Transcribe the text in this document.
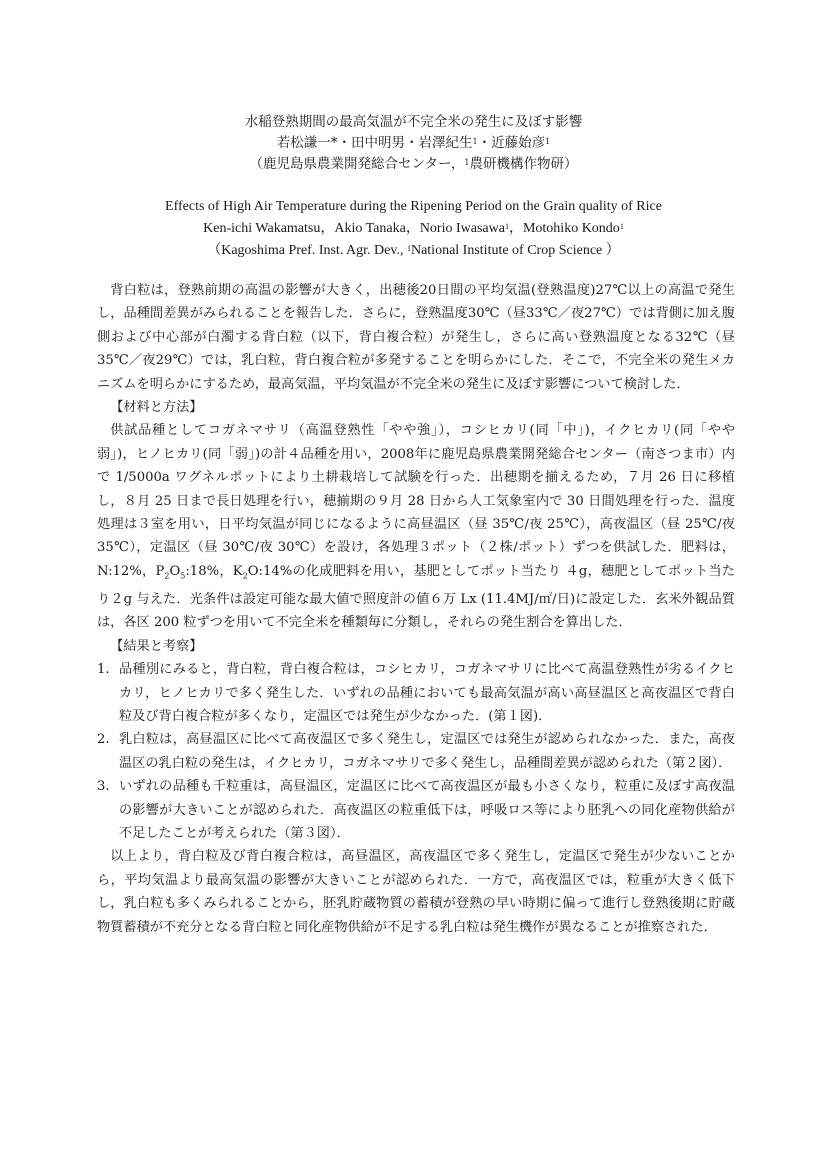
水稲登熟期間の最高気温が不完全米の発生に及ぼす影響
若松謙一*・田中明男・岩澤紀生$^1$・近藤始彦$^1$
（鹿児島県農業開発総合センター，$^1$農研機構作物研）
Effects of High Air Temperature during the Ripening Period on the Grain quality of Rice
Ken-ichi Wakamatsu，Akio Tanaka，Norio Iwasawa$^1$，Motohiko Kondo$^1$
（Kagoshima Pref. Inst. Agr. Dev., $^1$National Institute of Crop Science ）

背白粒は，登熟前期の高温の影響が大きく，出穂後20日間の平均気温(登熟温度)27℃以上の高温で発生し，品種間差異がみられることを報告した．さらに，登熟温度30℃（昼33℃／夜27℃）では背側に加え腹側および中心部が白濁する背白粒（以下，背白複合粒）が発生し，さらに高い登熟温度となる32℃（昼35℃／夜29℃）では，乳白粒，背白複合粒が多発することを明らかにした．そこで，不完全米の発生メカニズムを明らかにするため，最高気温，平均気温が不完全米の発生に及ぼす影響について検討した．

【材料と方法】

供試品種としてコガネマサリ（高温登熟性「やや強」），コシヒカリ(同「中」)，イクヒカリ(同「やや弱」)，ヒノヒカリ(同「弱」)の計４品種を用い，2008年に鹿児島県農業開発総合センター（南さつま市）内で 1/5000a ワグネルポットにより土耕栽培して試験を行った．出穂期を揃えるため，７月 26 日に移植し，８月 25 日まで長日処理を行い，穂揃期の９月 28 日から人工気象室内で 30 日間処理を行った．温度処理は３室を用い，日平均気温が同じになるように高昼温区（昼 35℃/夜 25℃），高夜温区（昼 25℃/夜 35℃），定温区（昼 30℃/夜 30℃）を設け，各処理３ポット（２株/ポット）ずつを供試した．肥料は，N:12%，$P_2O_5:18\%$，$K_2O:14\%$の化成肥料を用い，基肥としてポット当たり ４g，穂肥としてポット当たり２g 与えた．光条件は設定可能な最大値で照度計の値６万 Lx (11.4MJ/㎡/日)に設定した．玄米外観品質は，各区 200 粒ずつを用いて不完全米を種類毎に分類し，それらの発生割合を算出した．

【結果と考察】

1. 品種別にみると，背白粒，背白複合粒は，コシヒカリ，コガネマサリに比べて高温登熟性が劣るイクヒカリ，ヒノヒカリで多く発生した．いずれの品種においても最高気温が高い高昼温区と高夜温区で背白粒及び背白複合粒が多くなり，定温区では発生が少なかった．(第１図)．

2. 乳白粒は，高昼温区に比べて高夜温区で多く発生し，定温区では発生が認められなかった．また，高夜温区の乳白粒の発生は，イクヒカリ，コガネマサリで多く発生し，品種間差異が認められた（第２図）．

3. いずれの品種も千粒重は，高昼温区，定温区に比べて高夜温区が最も小さくなり，粒重に及ぼす高夜温の影響が大きいことが認められた．高夜温区の粒重低下は，呼吸ロス等により胚乳への同化産物供給が不足したことが考えられた（第３図）．

以上より，背白粒及び背白複合粒は，高昼温区，高夜温区で多く発生し，定温区で発生が少ないことから，平均気温より最高気温の影響が大きいことが認められた．一方で，高夜温区では，粒重が大きく低下し，乳白粒も多くみられることから，胚乳貯蔵物質の蓄積が登熟の早い時期に偏って進行し登熟後期に貯蔵物質蓄積が不充分となる背白粒と同化産物供給が不足する乳白粒は発生機作が異なることが推察された．
